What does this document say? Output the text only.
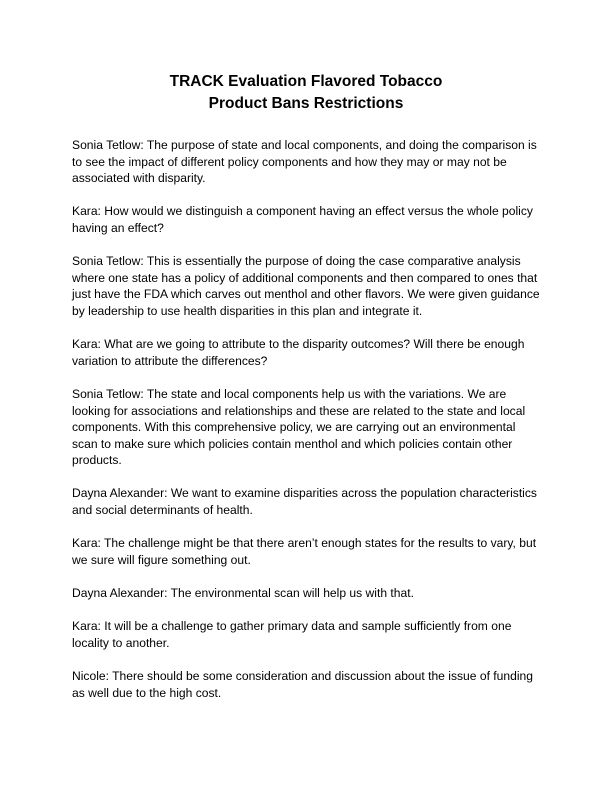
TRACK Evaluation Flavored Tobacco
Product Bans Restrictions

Sonia Tetlow: The purpose of state and local components, and doing the comparison is
to see the impact of different policy components and how they may or may not be
associated with disparity.

Kara: How would we distinguish a component having an effect versus the whole policy
having an effect?

Sonia Tetlow: This is essentially the purpose of doing the case comparative analysis
where one state has a policy of additional components and then compared to ones that
just have the FDA which carves out menthol and other flavors. We were given guidance
by leadership to use health disparities in this plan and integrate it.

Kara: What are we going to attribute to the disparity outcomes? Will there be enough
variation to attribute the differences?

Sonia Tetlow: The state and local components help us with the variations. We are
looking for associations and relationships and these are related to the state and local
components. With this comprehensive policy, we are carrying out an environmental
scan to make sure which policies contain menthol and which policies contain other
products.

Dayna Alexander: We want to examine disparities across the population characteristics
and social determinants of health.

Kara: The challenge might be that there aren’t enough states for the results to vary, but
we sure will figure something out.

Dayna Alexander: The environmental scan will help us with that.

Kara: It will be a challenge to gather primary data and sample sufficiently from one
locality to another.

Nicole: There should be some consideration and discussion about the issue of funding
as well due to the high cost.
